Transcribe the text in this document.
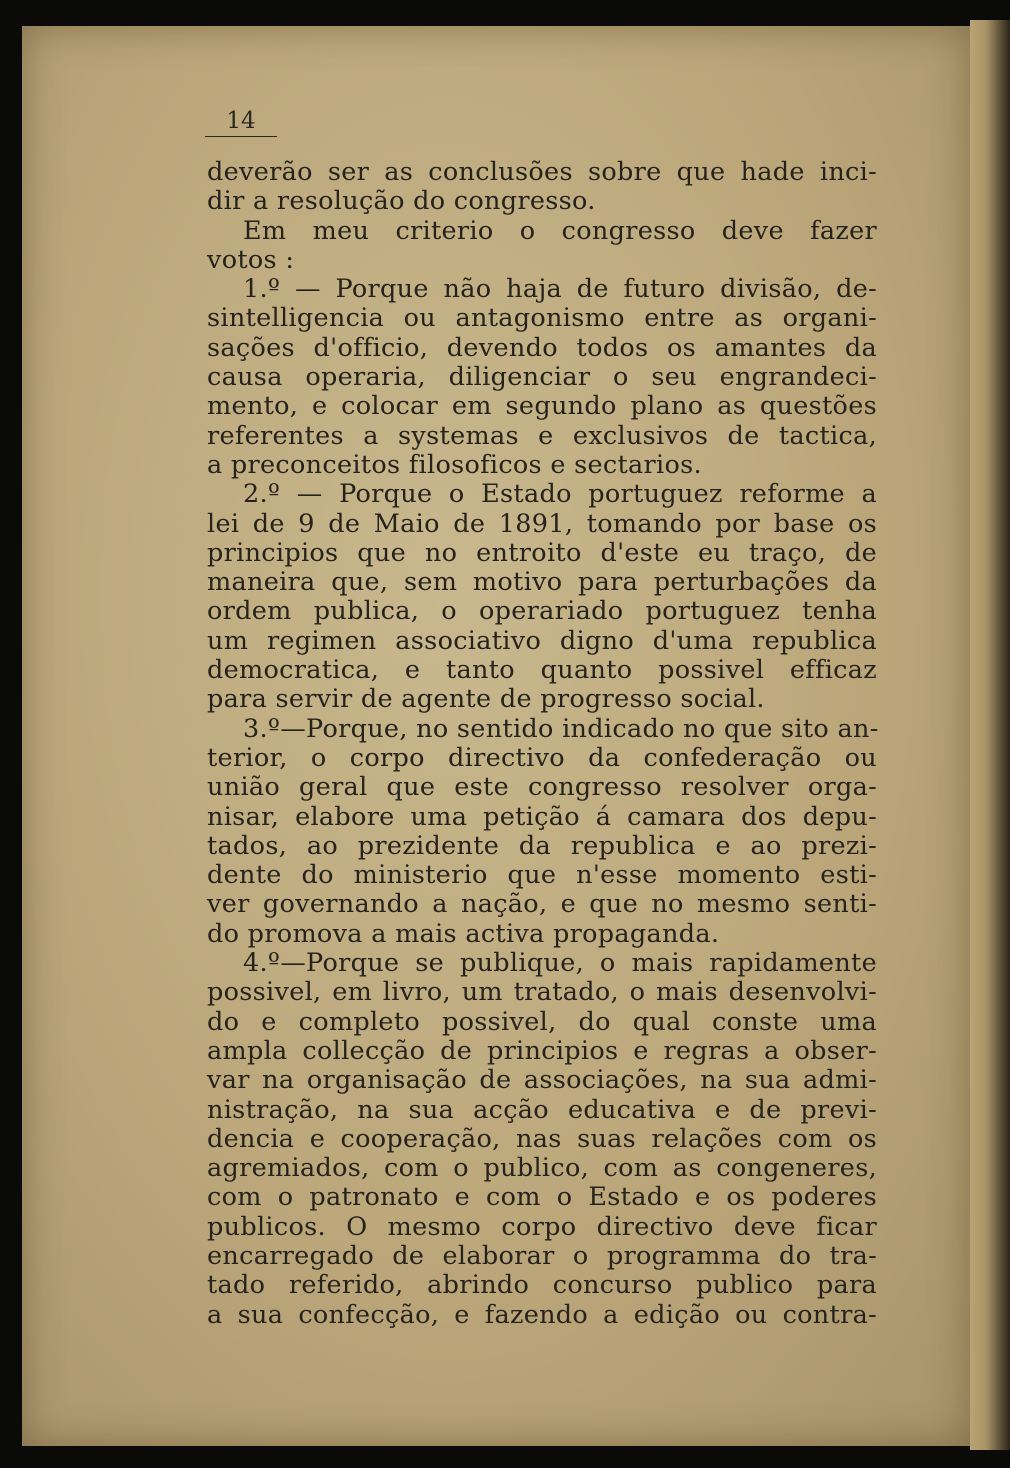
14
deverão ser as conclusões sobre que hade inci-
dir a resolução do congresso.
Em meu criterio o congresso deve fazer
votos :
1.º — Porque não haja de futuro divisão, de-
sintelligencia ou antagonismo entre as organi-
sações d'officio, devendo todos os amantes da
causa operaria, diligenciar o seu engrandeci-
mento, e colocar em segundo plano as questões
referentes a systemas e exclusivos de tactica,
a preconceitos filosoficos e sectarios.
2.º — Porque o Estado portuguez reforme a
lei de 9 de Maio de 1891, tomando por base os
principios que no entroito d'este eu traço, de
maneira que, sem motivo para perturbações da
ordem publica, o operariado portuguez tenha
um regimen associativo digno d'uma republica
democratica, e tanto quanto possivel efficaz
para servir de agente de progresso social.
3.º—Porque, no sentido indicado no que sito an-
terior, o corpo directivo da confederação ou
união geral que este congresso resolver orga-
nisar, elabore uma petição á camara dos depu-
tados, ao prezidente da republica e ao prezi-
dente do ministerio que n'esse momento esti-
ver governando a nação, e que no mesmo senti-
do promova a mais activa propaganda.
4.º—Porque se publique, o mais rapidamente
possivel, em livro, um tratado, o mais desenvolvi-
do e completo possivel, do qual conste uma
ampla collecção de principios e regras a obser-
var na organisação de associações, na sua admi-
nistração, na sua acção educativa e de previ-
dencia e cooperação, nas suas relações com os
agremiados, com o publico, com as congeneres,
com o patronato e com o Estado e os poderes
publicos. O mesmo corpo directivo deve ficar
encarregado de elaborar o programma do tra-
tado referido, abrindo concurso publico para
a sua confecção, e fazendo a edição ou contra-
